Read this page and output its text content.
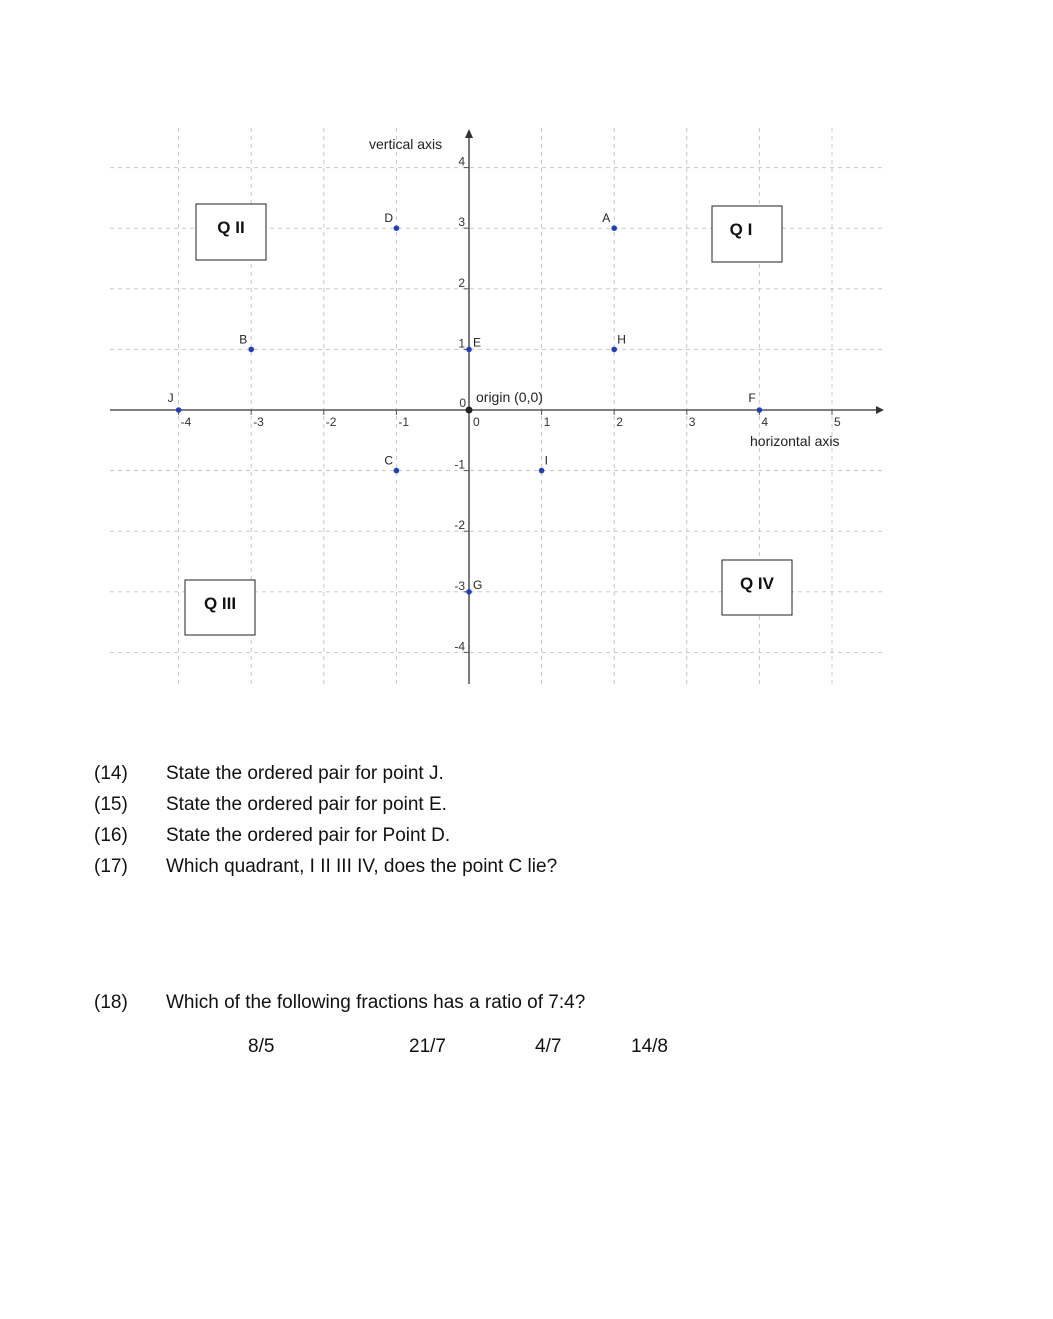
-4	-3	-2	-1	0	1	2	3	4	5
4
3
2
1
0
-1
-2
-3
-4
A
B
C
D
E
F
G
H
I
J
vertical axis
horizontal axis
origin (0,0)
Q II	Q I
Q III
Q IV
(14)	State the ordered pair for point J.
(15)	State the ordered pair for point E.
(16)	State the ordered pair for Point D.
(17)	Which quadrant, I II III IV, does the point C lie?
(18)	Which of the following fractions has a ratio of 7:4?
8/5	21/7	4/7	14/8
